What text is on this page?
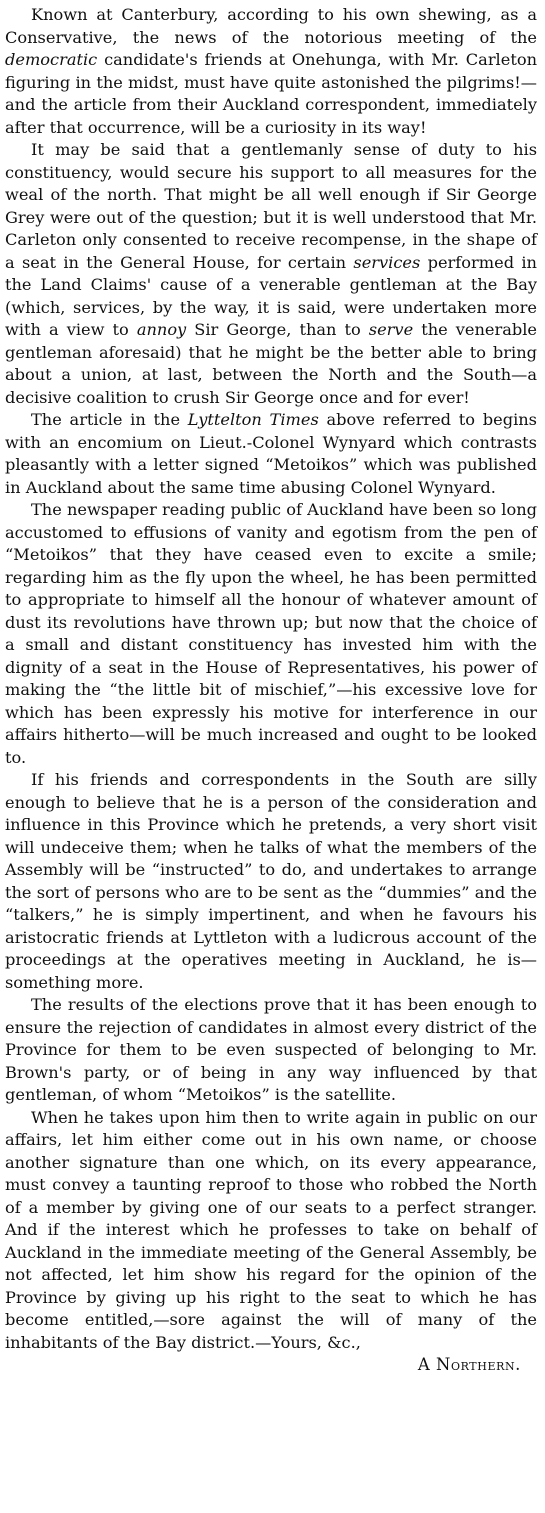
Known at Canterbury, according to his own shewing, as a Conservative, the news of the notorious meeting of the democratic candidate's friends at Onehunga, with Mr. Carleton figuring in the midst, must have quite astonished the pilgrims!—and the article from their Auckland correspondent, immediately after that occurrence, will be a curiosity in its way!

It may be said that a gentlemanly sense of duty to his constituency, would secure his support to all measures for the weal of the north. That might be all well enough if Sir George Grey were out of the question; but it is well understood that Mr. Carleton only consented to receive recompense, in the shape of a seat in the General House, for certain services performed in the Land Claims' cause of a venerable gentleman at the Bay (which, services, by the way, it is said, were undertaken more with a view to annoy Sir George, than to serve the venerable gentleman aforesaid) that he might be the better able to bring about a union, at last, between the North and the South—a decisive coalition to crush Sir George once and for ever!

The article in the Lyttelton Times above referred to begins with an encomium on Lieut.-Colonel Wynyard which contrasts pleasantly with a letter signed “Metoikos” which was published in Auckland about the same time abusing Colonel Wynyard.

The newspaper reading public of Auckland have been so long accustomed to effusions of vanity and egotism from the pen of “Metoikos” that they have ceased even to excite a smile; regarding him as the fly upon the wheel, he has been permitted to appropriate to himself all the honour of whatever amount of dust its revolutions have thrown up; but now that the choice of a small and distant constituency has invested him with the dignity of a seat in the House of Representatives, his power of making the “the little bit of mischief,”—his excessive love for which has been expressly his motive for interference in our affairs hitherto—will be much increased and ought to be looked to.

If his friends and correspondents in the South are silly enough to believe that he is a person of the consideration and influence in this Province which he pretends, a very short visit will undeceive them; when he talks of what the members of the Assembly will be “instructed” to do, and undertakes to arrange the sort of persons who are to be sent as the “dummies” and the “talkers,” he is simply impertinent, and when he favours his aristocratic friends at Lyttleton with a ludicrous account of the proceedings at the operatives meeting in Auckland, he is—something more.

The results of the elections prove that it has been enough to ensure the rejection of candidates in almost every district of the Province for them to be even suspected of belonging to Mr. Brown's party, or of being in any way influenced by that gentleman, of whom “Metoikos” is the satellite.

When he takes upon him then to write again in public on our affairs, let him either come out in his own name, or choose another signature than one which, on its every appearance, must convey a taunting reproof to those who robbed the North of a member by giving one of our seats to a perfect stranger. And if the interest which he professes to take on behalf of Auckland in the immediate meeting of the General Assembly, be not affected, let him show his regard for the opinion of the Province by giving up his right to the seat to which he has become entitled,—sore against the will of many of the inhabitants of the Bay district.—Yours, &c.,

A Northern.
